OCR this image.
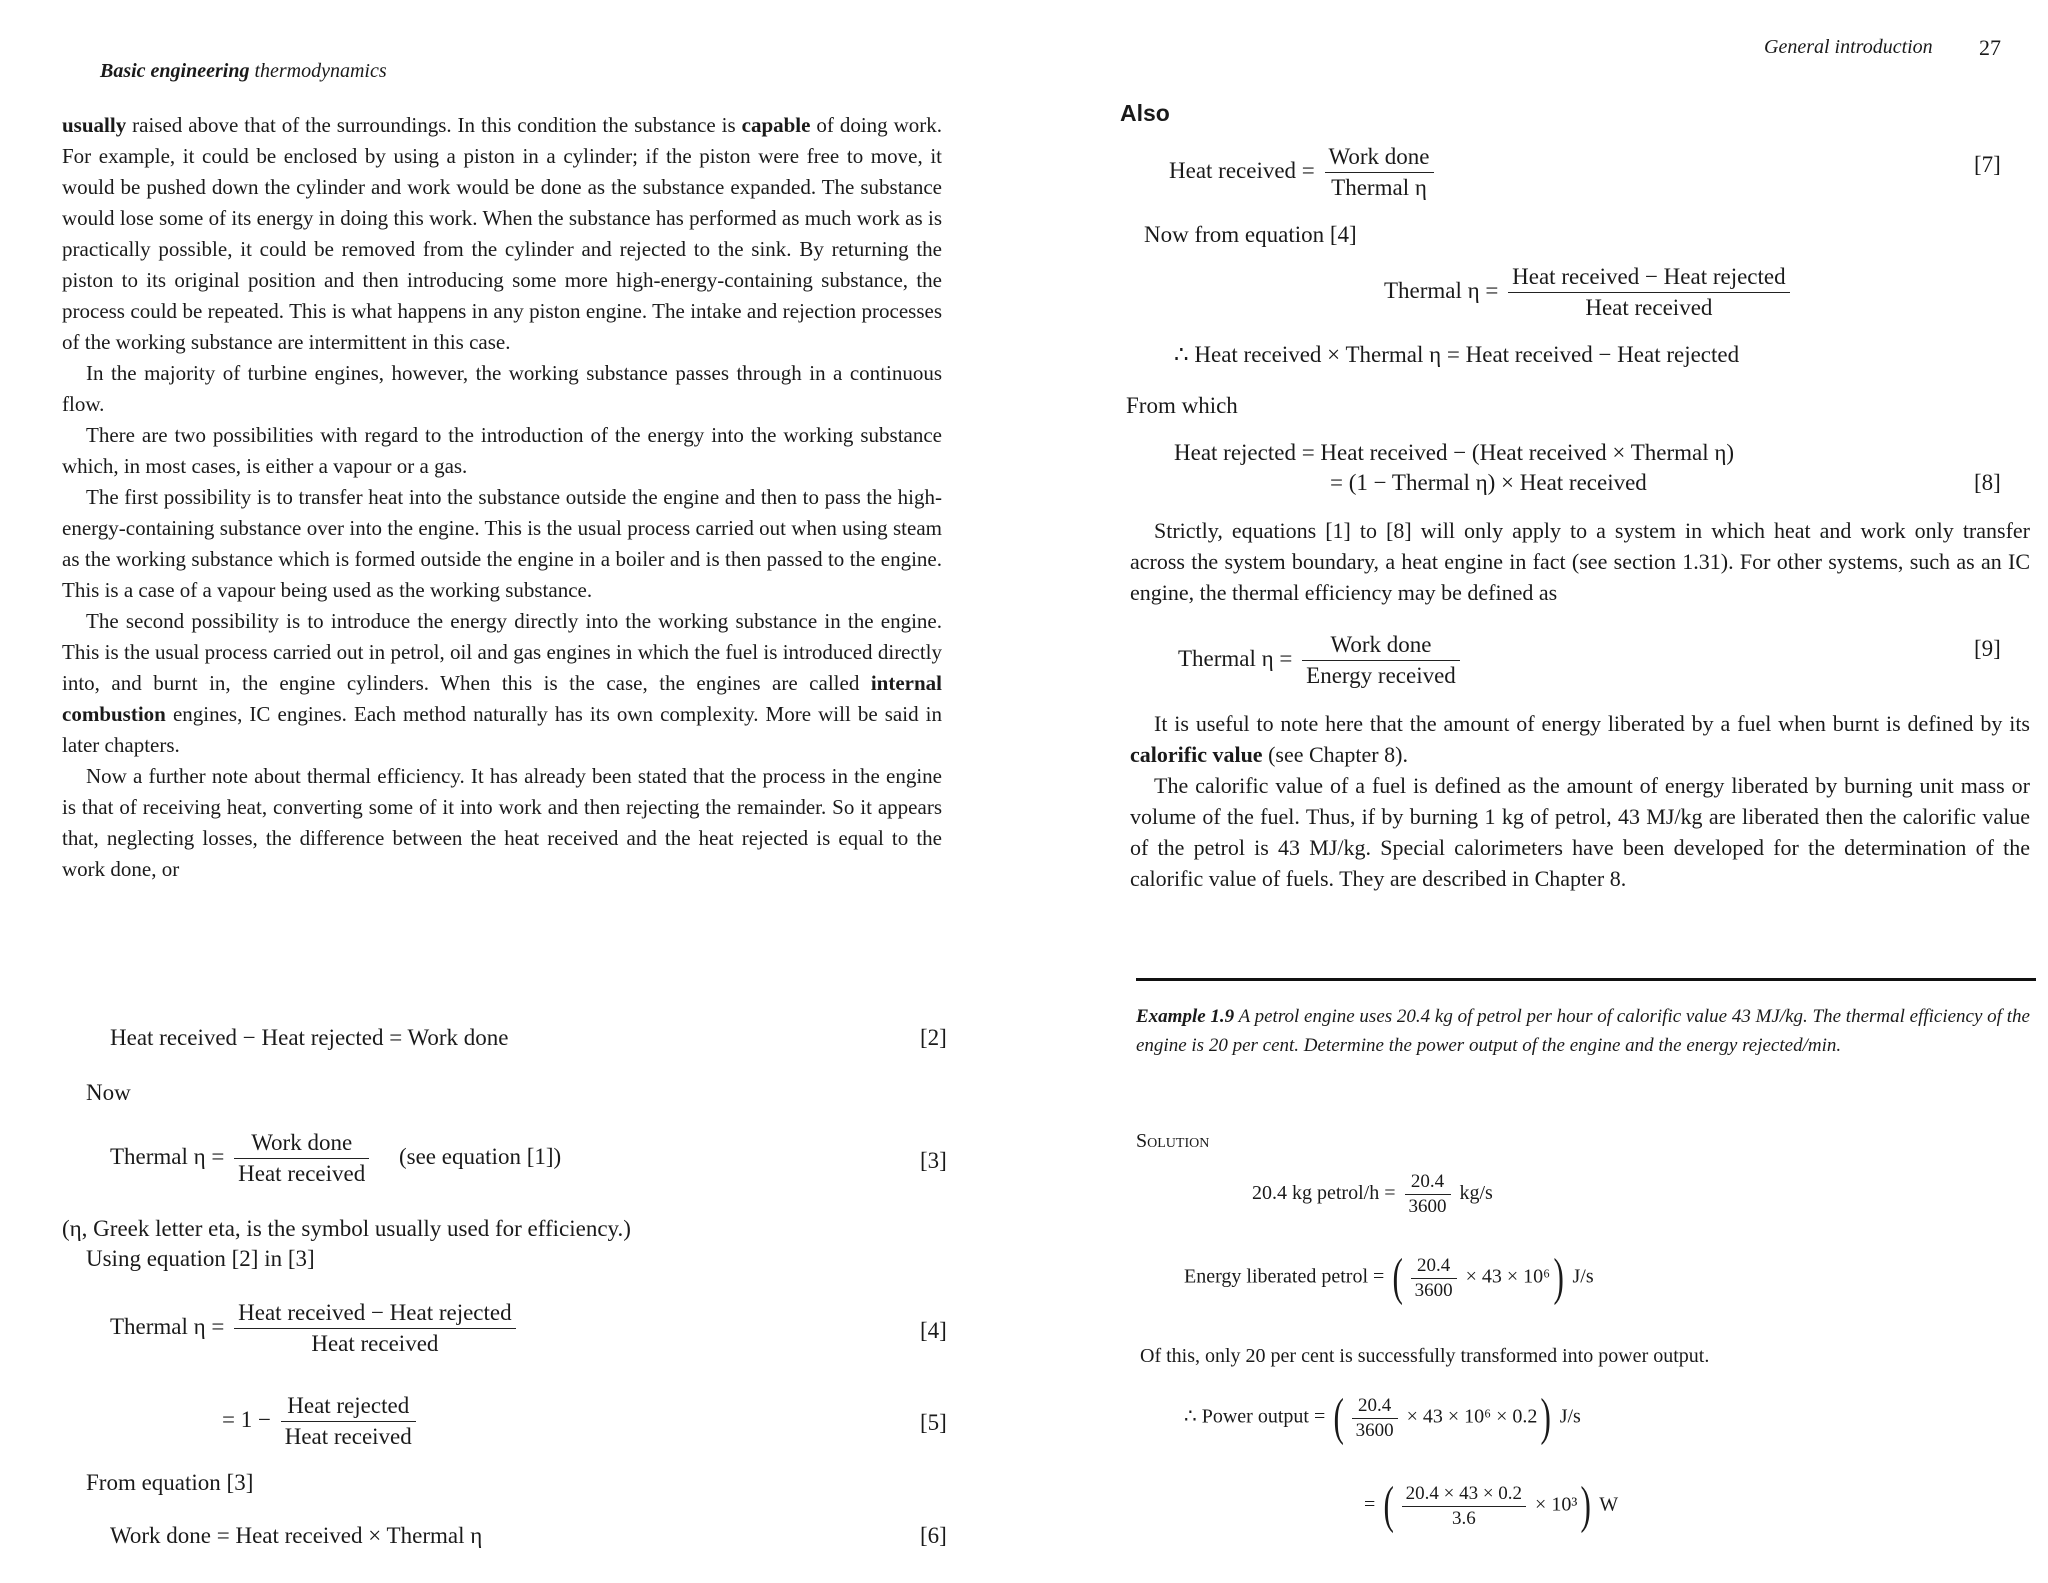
Basic engineering thermodynamics

usually raised above that of the surroundings. In this condition the substance is capable of doing work. For example, it could be enclosed by using a piston in a cylinder; if the piston were free to move, it would be pushed down the cylinder and work would be done as the substance expanded. The substance would lose some of its energy in doing this work. When the substance has performed as much work as is practically possible, it could be removed from the cylinder and rejected to the sink. By returning the piston to its original position and then introducing some more high-energy-containing substance, the process could be repeated. This is what happens in any piston engine. The intake and rejection processes of the working substance are intermittent in this case.

In the majority of turbine engines, however, the working substance passes through in a continuous flow.

There are two possibilities with regard to the introduction of the energy into the working substance which, in most cases, is either a vapour or a gas.

The first possibility is to transfer heat into the substance outside the engine and then to pass the high-energy-containing substance over into the engine. This is the usual process carried out when using steam as the working substance which is formed outside the engine in a boiler and is then passed to the engine. This is a case of a vapour being used as the working substance.

The second possibility is to introduce the energy directly into the working substance in the engine. This is the usual process carried out in petrol, oil and gas engines in which the fuel is introduced directly into, and burnt in, the engine cylinders. When this is the case, the engines are called internal combustion engines, IC engines. Each method naturally has its own complexity. More will be said in later chapters.

Now a further note about thermal efficiency. It has already been stated that the process in the engine is that of receiving heat, converting some of it into work and then rejecting the remainder. So it appears that, neglecting losses, the difference between the heat received and the heat rejected is equal to the work done, or

Heat received − Heat rejected = Work done	[2]
Now
Thermal $\eta = \frac{\text{Work done}}{\text{Heat received}} (see$ equation [1])	[3]
(η, Greek letter eta, is the symbol usually used for efficiency.)
Using equation [2] in [3]
Thermal $\eta = \frac{\text{Heat received − Heat rejected}}{\text{Heat received}}$	[4]
= $1 - \frac{\text{Heat rejected}}{\text{Heat received}}$	[5]
From equation [3]
Work done = Heat received × Thermal η	[6]
General introduction 27
Also
Heat received = $\frac{\text{Work done}}{\text{Thermal η}}$	[7]
Now from equation [4]
Thermal $\eta = \frac{\text{Heat received − Heat rejected}}{\text{Heat received}}$
∴ Heat received × Thermal η = Heat received − Heat rejected
From which
Heat rejected = Heat received − (Heat received × Thermal η)
= (1 − Thermal η) × Heat received	[8]

Strictly, equations [1] to [8] will only apply to a system in which heat and work only transfer across the system boundary, a heat engine in fact (see section 1.31). For other systems, such as an IC engine, the thermal efficiency may be defined as

Thermal $\eta = \frac{\text{Work done}}{\text{Energy received}}$	[9]

It is useful to note here that the amount of energy liberated by a fuel when burnt is defined by its calorific value (see Chapter 8).

The calorific value of a fuel is defined as the amount of energy liberated by burning unit mass or volume of the fuel. Thus, if by burning 1 kg of petrol, 43 MJ/kg are liberated then the calorific value of the petrol is 43 MJ/kg. Special calorimeters have been developed for the determination of the calorific value of fuels. They are described in Chapter 8.

Example 1.9 A petrol engine uses 20.4 kg of petrol per hour of calorific value 43 MJ/kg. The thermal efficiency of the engine is 20 per cent. Determine the power output of the engine and the energy rejected/min.
Solution
20.4 kg petrol/h = $\frac{20.4}{3600} kg/s$
Energy liberated petrol = ( $\frac{20.4}{3600} \times 43 \times 10^6$) J/s
Of this, only 20 per cent is successfully transformed into power output.
∴ Power output = ( $\frac{20.4}{3600} \times 43 \times 10^6 \times 0.2$) J/s
= ( $\frac{20.4 \times 43 \times 0.2}{3.6} \times 10^3$) W
